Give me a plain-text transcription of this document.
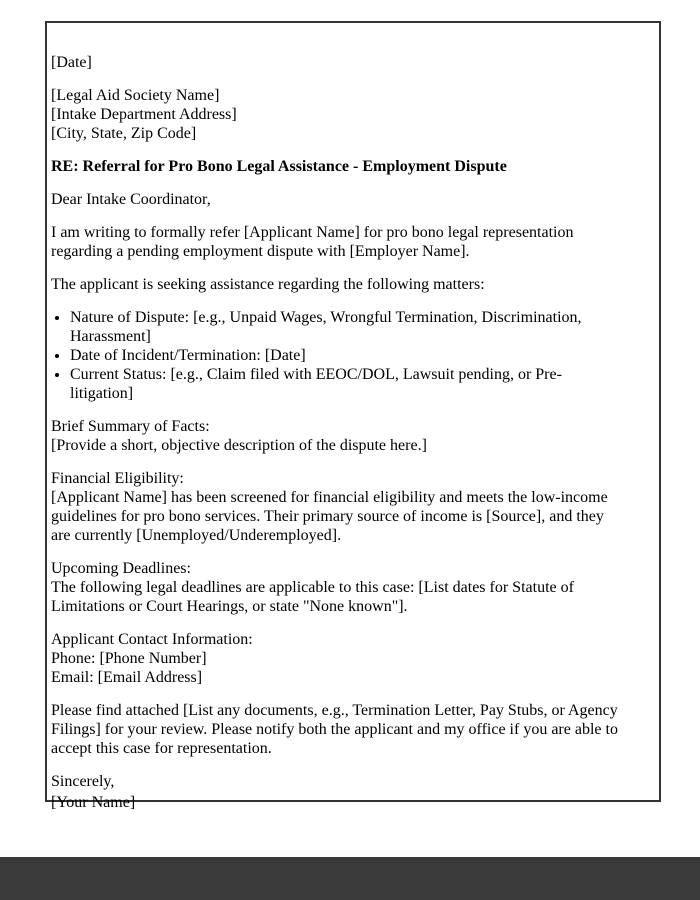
[Date]

[Legal Aid Society Name]
[Intake Department Address]
[City, State, Zip Code]

RE: Referral for Pro Bono Legal Assistance - Employment Dispute

Dear Intake Coordinator,

I am writing to formally refer [Applicant Name] for pro bono legal representation regarding a pending employment dispute with [Employer Name].

The applicant is seeking assistance regarding the following matters:

• Nature of Dispute: [e.g., Unpaid Wages, Wrongful Termination, Discrimination, Harassment]
• Date of Incident/Termination: [Date]
• Current Status: [e.g., Claim filed with EEOC/DOL, Lawsuit pending, or Pre-litigation]

Brief Summary of Facts:
[Provide a short, objective description of the dispute here.]

Financial Eligibility:
[Applicant Name] has been screened for financial eligibility and meets the low-income guidelines for pro bono services. Their primary source of income is [Source], and they are currently [Unemployed/Underemployed].

Upcoming Deadlines:
The following legal deadlines are applicable to this case: [List dates for Statute of Limitations or Court Hearings, or state "None known"].

Applicant Contact Information:
Phone: [Phone Number]
Email: [Email Address]

Please find attached [List any documents, e.g., Termination Letter, Pay Stubs, or Agency Filings] for your review. Please notify both the applicant and my office if you are able to accept this case for representation.

Sincerely,

[Your Name]
